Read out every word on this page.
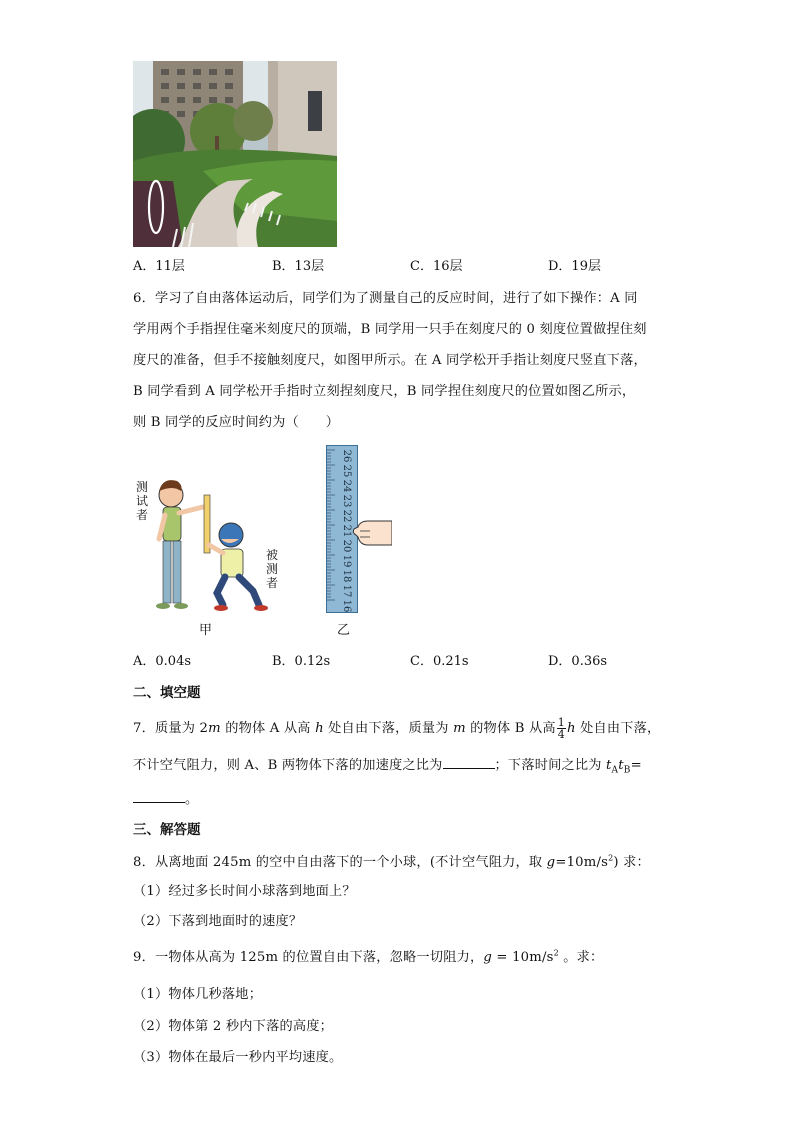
A．11层	B．13层	C．16层	D．19层
6．学习了自由落体运动后，同学们为了测量自己的反应时间，进行了如下操作：A 同
学用两个手指捏住毫米刻度尺的顶端，B 同学用一只手在刻度尺的 0 刻度位置做捏住刻
度尺的准备，但手不接触刻度尺，如图甲所示。在 A 同学松开手指让刻度尺竖直下落，
B 同学看到 A 同学松开手指时立刻捏刻度尺，B 同学捏住刻度尺的位置如图乙所示，
则 B 同学的反应时间约为（　　）
测试者
被测者
甲
26
25
24
23
22
21
20
19
18
17
16
乙
A．0.04s	B．0.12s	C．0.21s	D．0.36s
二、填空题
7．质量为 2m 的物体 A 从高 h 处自由下落，质量为 m 的物体 B 从高 $\frac{1}{4}$ h 处自由下落，
不计空气阻力，则 A、B 两物体下落的加速度之比为	；下落时间之比为 $t_At_B=$
。
三、解答题
8．从离地面 245m 的空中自由落下的一个小球，(不计空气阻力，取 $g=10m/s^2$) 求：
（1）经过多长时间小球落到地面上？
（2）下落到地面时的速度？
9．一物体从高为 125m 的位置自由下落，忽略一切阻力，$g = 10m/s^2$ 。求：
（1）物体几秒落地；
（2）物体第 2 秒内下落的高度；
（3）物体在最后一秒内平均速度。
